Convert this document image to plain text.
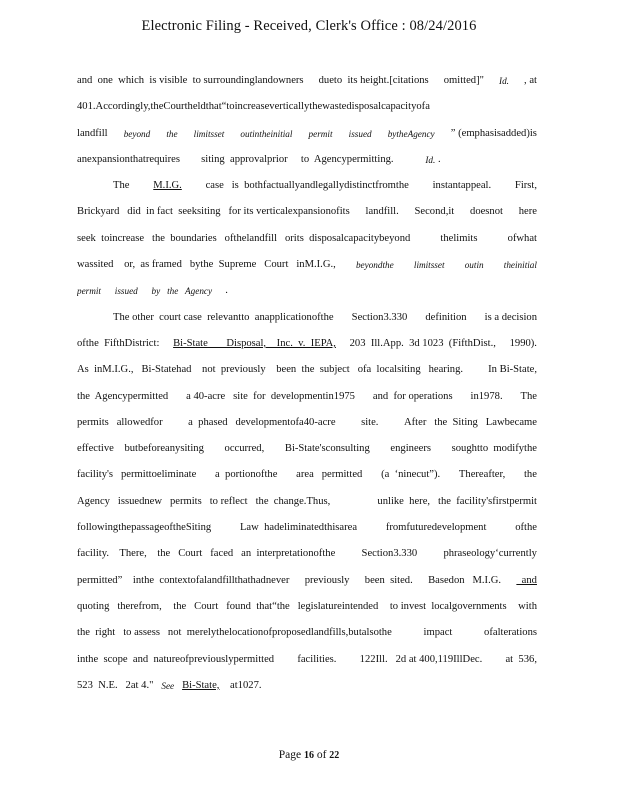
Electronic Filing - Received, Clerk's Office : 08/24/2016
and  one  which  is visible  to surroundinglandowners dueto  its height.[citations omitted]" Id. , at
401.Accordingly,theCourtheldthat“toincreaseverticallythewastedisposalcapacityofa
landfill beyond the limitsset outintheinitial permit issued bytheAgency ” (emphasisadded)is
anexpansionthatrequires        siting  approvalprior     to  Agencypermitting. Id. .
The M.I.G. case   is  bothfactuallyandlegallydistinctfromthe instantappeal. First,
Brickyard   did  in fact  seeksiting   for its verticalexpansionofits landfill. Second,it doesnot here
seek  toincrease   the  boundaries   ofthelandfill   orits  disposalcapacitybeyond	thelimits	ofwhat
wassited    or,  as framed   bythe  Supreme   Court   inM.I.G., beyondthe limitsset outin theinitial
permit      issued      by   the   Agency .
The other  court case  relevantto  anapplicationofthe Section3.330 definition is a decision
ofthe  FifthDistrict: Bi-State       Disposal,    Inc.  v.  IEPA, 203  Ill.App.  3d 1023  (FifthDist., 1990).
As  inM.I.G.,   Bi-Statehad    not  previously    been  the  subject   ofa  localsiting   hearing. In Bi-State,
the  Agencypermitted a 40-acre   site  for  developmentin1975 and  for operations in1978. The
permits   allowedfor a  phased   developmentofa40-acre site. After   the  Siting   Lawbecame
effective    butbeforeanysiting occurred, Bi-State'sconsulting engineers soughtto  modifythe
facility's   permittoeliminate a  portionofthe area   permitted (a  ‘ninecut”). Thereafter, the
Agency   issuednew   permits   to reflect   the  change.Thus,	unlike  here,   the  facility'sfirstpermit
followingthepassageoftheSiting	Law  hadeliminatedthisarea	fromfuturedevelopment	ofthe
facility.    There,    the   Court   faced   an  interpretationofthe Section3.330 phraseology‘currently
permitted”    inthe  contextofalandfillthathadnever previously been  sited. Basedon   M.I.G. and
quoting   therefrom, the   Court   found  that“the   legislatureintended to invest  localgovernments with
the  right   to assess   not  merelythelocationofproposedlandfills,butalsothe	impact	ofalterations
inthe  scope  and  natureofpreviouslypermitted facilities. 122Ill.   2d at 400,119IllDec. at  536,
523  N.E.   2at 4." See
Bi-State, at1027.
Page 16 of 22
